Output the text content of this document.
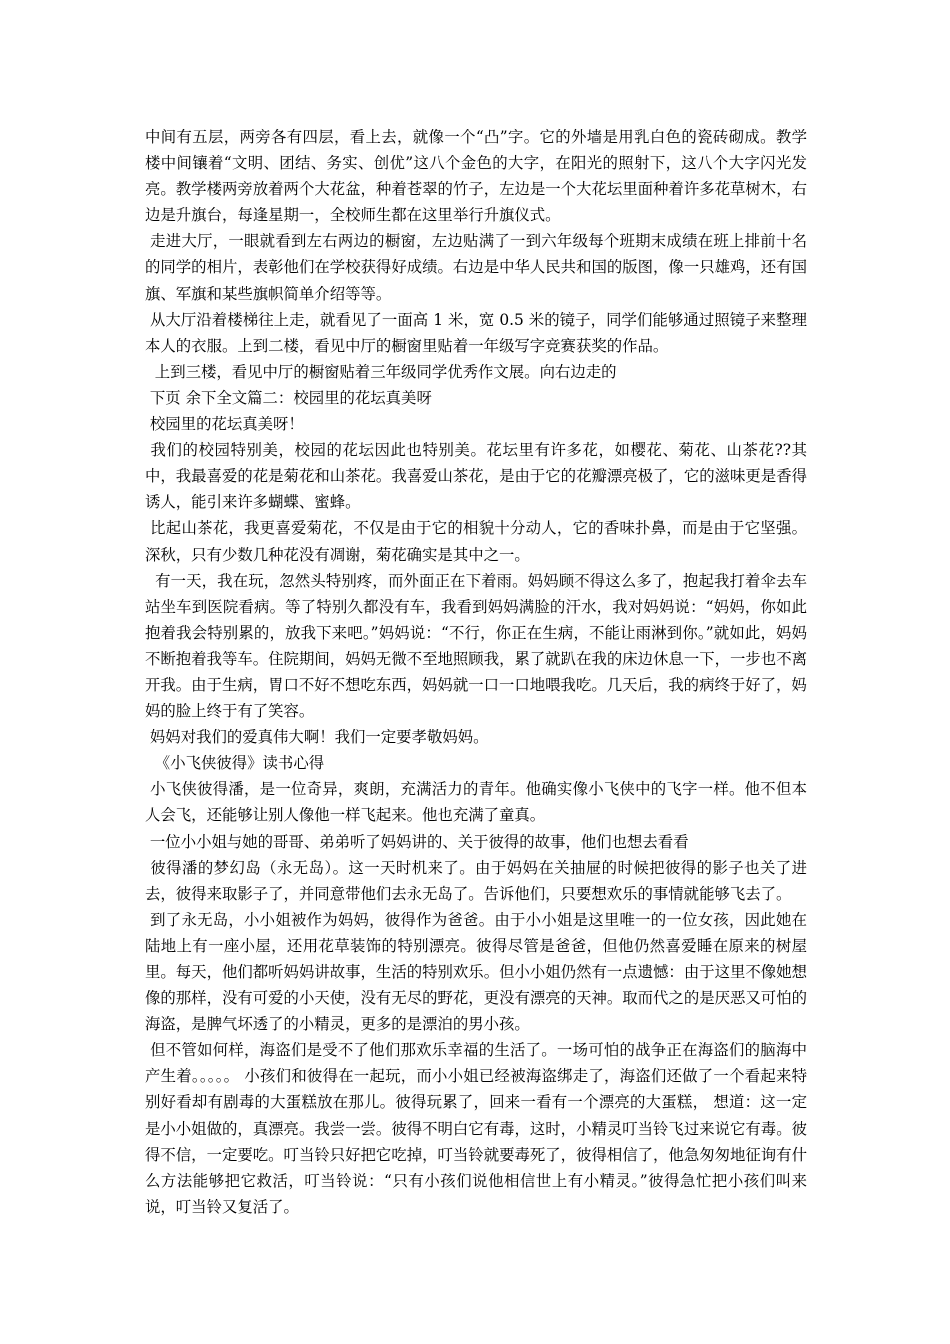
中间有五层，两旁各有四层，看上去，就像一个“凸”字。它的外墙是用乳白色的瓷砖砌成。教学楼中间镶着“文明、团结、务实、创优”这八个金色的大字，在阳光的照射下，这八个大字闪光发亮。教学楼两旁放着两个大花盆，种着苍翠的竹子，左边是一个大花坛里面种着许多花草树木，右边是升旗台，每逢星期一，全校师生都在这里举行升旗仪式。

走进大厅，一眼就看到左右两边的橱窗，左边贴满了一到六年级每个班期末成绩在班上排前十名的同学的相片，表彰他们在学校获得好成绩。右边是中华人民共和国的版图，像一只雄鸡，还有国旗、军旗和某些旗帜简单介绍等等。

从大厅沿着楼梯往上走，就看见了一面高 1 米，宽 0.5 米的镜子，同学们能够通过照镜子来整理本人的衣服。上到二楼，看见中厅的橱窗里贴着一年级写字竞赛获奖的作品。

上到三楼，看见中厅的橱窗贴着三年级同学优秀作文展。向右边走的

下页 余下全文篇二：校园里的花坛真美呀

校园里的花坛真美呀！

我们的校园特别美，校园的花坛因此也特别美。花坛里有许多花，如樱花、菊花、山茶花??其中，我最喜爱的花是菊花和山茶花。我喜爱山茶花，是由于它的花瓣漂亮极了，它的滋味更是香得诱人，能引来许多蝴蝶、蜜蜂。

比起山茶花，我更喜爱菊花，不仅是由于它的相貌十分动人，它的香味扑鼻，而是由于它坚强。深秋，只有少数几种花没有凋谢，菊花确实是其中之一。

有一天，我在玩，忽然头特别疼，而外面正在下着雨。妈妈顾不得这么多了，抱起我打着伞去车站坐车到医院看病。等了特别久都没有车，我看到妈妈满脸的汗水，我对妈妈说：“妈妈，你如此抱着我会特别累的，放我下来吧。”妈妈说：“不行，你正在生病，不能让雨淋到你。”就如此，妈妈不断抱着我等车。住院期间，妈妈无微不至地照顾我，累了就趴在我的床边休息一下，一步也不离开我。由于生病，胃口不好不想吃东西，妈妈就一口一口地喂我吃。几天后，我的病终于好了，妈

妈的脸上终于有了笑容。

妈妈对我们的爱真伟大啊！我们一定要孝敬妈妈。

《小飞侠彼得》读书心得

小飞侠彼得潘，是一位奇异，爽朗，充满活力的青年。他确实像小飞侠中的飞字一样。他不但本人会飞，还能够让别人像他一样飞起来。他也充满了童真。

一位小小姐与她的哥哥、弟弟听了妈妈讲的、关于彼得的故事，他们也想去看看

彼得潘的梦幻岛（永无岛）。这一天时机来了。由于妈妈在关抽屉的时候把彼得的影子也关了进去，彼得来取影子了，并同意带他们去永无岛了。告诉他们，只要想欢乐的事情就能够飞去了。

到了永无岛，小小姐被作为妈妈，彼得作为爸爸。由于小小姐是这里唯一的一位女孩，因此她在陆地上有一座小屋，还用花草装饰的特别漂亮。彼得尽管是爸爸，但他仍然喜爱睡在原来的树屋里。每天，他们都听妈妈讲故事，生活的特别欢乐。但小小姐仍然有一点遗憾：由于这里不像她想像的那样，没有可爱的小天使，没有无尽的野花，更没有漂亮的天神。取而代之的是厌恶又可怕的海盗，是脾气坏透了的小精灵，更多的是漂泊的男小孩。

但不管如何样，海盗们是受不了他们那欢乐幸福的生活了。一场可怕的战争正在海盗们的脑海中产生着。。。。。 小孩们和彼得在一起玩，而小小姐已经被海盗绑走了，海盗们还做了一个看起来特别好看却有剧毒的大蛋糕放在那儿。彼得玩累了，回来一看有一个漂亮的大蛋糕， 想道：这一定是小小姐做的，真漂亮。我尝一尝。彼得不明白它有毒，这时，小精灵叮当铃飞过来说它有毒。彼得不信，一定要吃。叮当铃只好把它吃掉，叮当铃就要毒死了，彼得相信了，他急匆匆地征询有什么方法能够把它救活，叮当铃说：“只有小孩们说他相信世上有小精灵。”彼得急忙把小孩们叫来说，叮当铃又复活了。
